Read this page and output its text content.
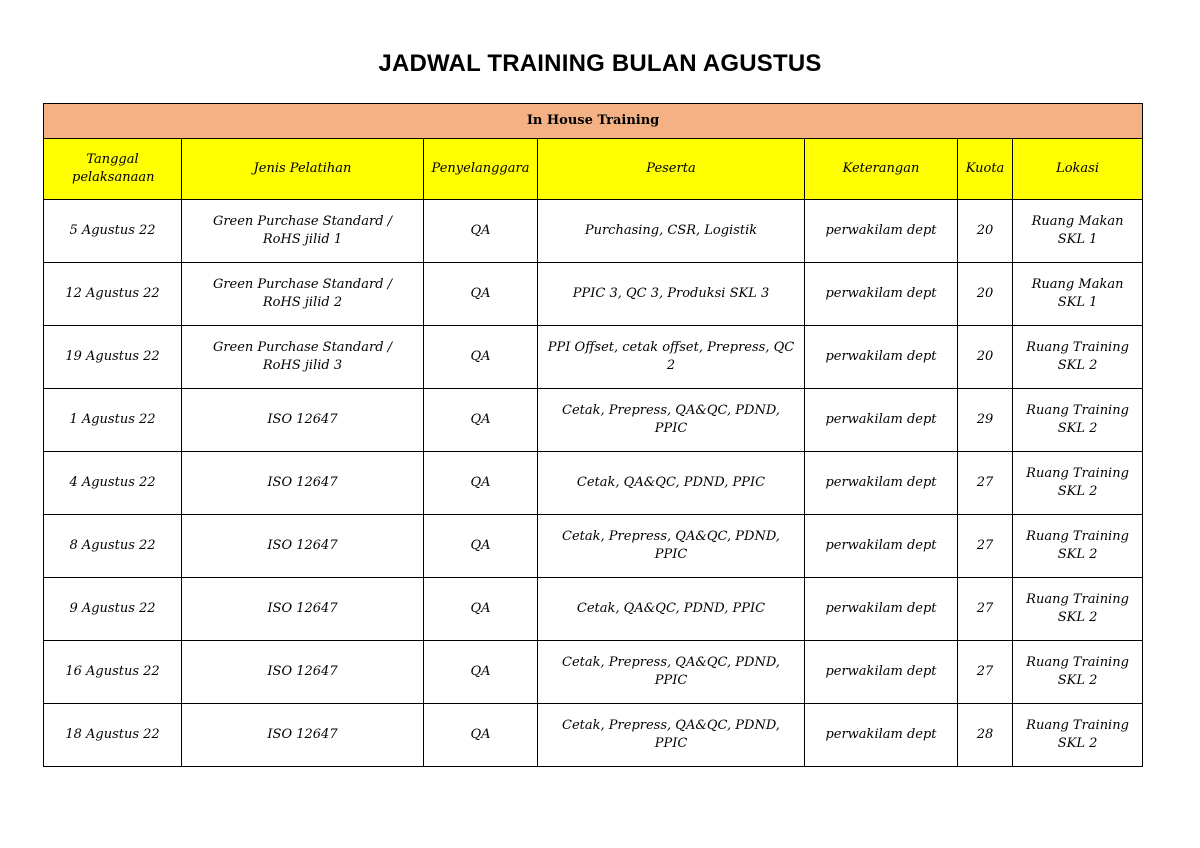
JADWAL TRAINING BULAN AGUSTUS
In House Training						
Tanggal pelaksanaan	Jenis Pelatihan	Penyelanggara	Peserta	Keterangan	Kuota	Lokasi
5 Agustus 22	Green Purchase Standard / RoHS jilid 1	QA	Purchasing, CSR, Logistik	perwakilam dept	20	Ruang Makan SKL 1
12 Agustus 22	Green Purchase Standard / RoHS jilid 2	QA	PPIC 3, QC 3, Produksi SKL 3	perwakilam dept	20	Ruang Makan SKL 1
19 Agustus 22	Green Purchase Standard / RoHS jilid 3	QA	PPI Offset, cetak offset, Prepress, QC 2	perwakilam dept	20	Ruang Training SKL 2
1 Agustus 22	ISO 12647	QA	Cetak, Prepress, QA&QC, PDND, PPIC	perwakilam dept	29	Ruang Training SKL 2
4 Agustus 22	ISO 12647	QA	Cetak, QA&QC, PDND, PPIC	perwakilam dept	27	Ruang Training SKL 2
8 Agustus 22	ISO 12647	QA	Cetak, Prepress, QA&QC, PDND, PPIC	perwakilam dept	27	Ruang Training SKL 2
9 Agustus 22	ISO 12647	QA	Cetak, QA&QC, PDND, PPIC	perwakilam dept	27	Ruang Training SKL 2
16 Agustus 22	ISO 12647	QA	Cetak, Prepress, QA&QC, PDND, PPIC	perwakilam dept	27	Ruang Training SKL 2
18 Agustus 22	ISO 12647	QA	Cetak, Prepress, QA&QC, PDND, PPIC	perwakilam dept	28	Ruang Training SKL 2
